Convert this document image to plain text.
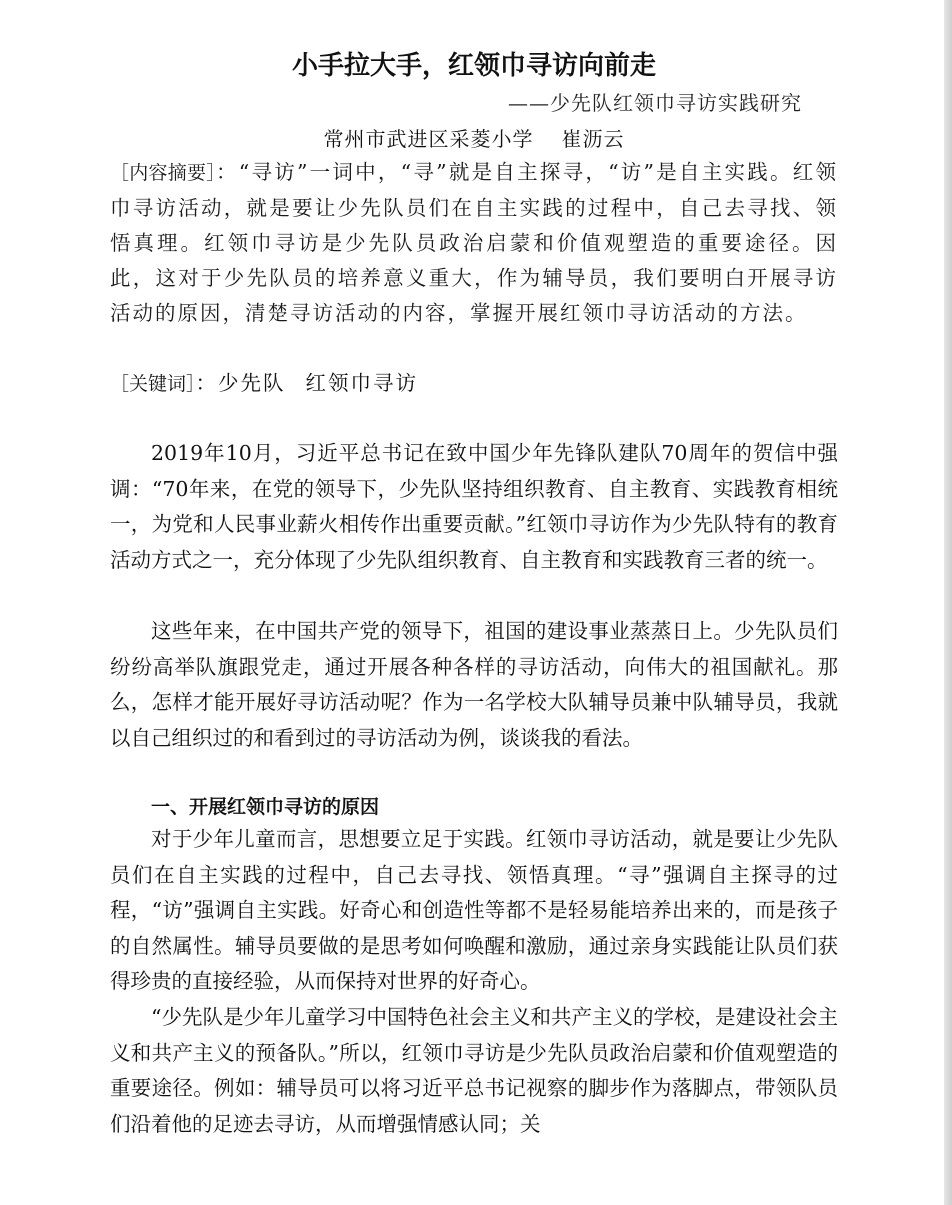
小手拉大手，红领巾寻访向前走
——少先队红领巾寻访实践研究
常州市武进区采菱小学 崔沥云

［内容摘要］：“寻访”一词中，“寻”就是自主探寻，“访”是自主实践。红领巾寻访活动，就是要让少先队员们在自主实践的过程中，自己去寻找、领悟真理。红领巾寻访是少先队员政治启蒙和价值观塑造的重要途径。因此，这对于少先队员的培养意义重大，作为辅导员，我们要明白开展寻访活动的原因，清楚寻访活动的内容，掌握开展红领巾寻访活动的方法。

［关键词］：少先队 红领巾寻访

2019年10月，习近平总书记在致中国少年先锋队建队70周年的贺信中强调：“70年来，在党的领导下，少先队坚持组织教育、自主教育、实践教育相统一，为党和人民事业薪火相传作出重要贡献。”红领巾寻访作为少先队特有的教育活动方式之一，充分体现了少先队组织教育、自主教育和实践教育三者的统一。

这些年来，在中国共产党的领导下，祖国的建设事业蒸蒸日上。少先队员们纷纷高举队旗跟党走，通过开展各种各样的寻访活动，向伟大的祖国献礼。那么，怎样才能开展好寻访活动呢？作为一名学校大队辅导员兼中队辅导员，我就以自己组织过的和看到过的寻访活动为例，谈谈我的看法。

一、开展红领巾寻访的原因

对于少年儿童而言，思想要立足于实践。红领巾寻访活动，就是要让少先队员们在自主实践的过程中，自己去寻找、领悟真理。“寻”强调自主探寻的过程，“访”强调自主实践。好奇心和创造性等都不是轻易能培养出来的，而是孩子的自然属性。辅导员要做的是思考如何唤醒和激励，通过亲身实践能让队员们获得珍贵的直接经验，从而保持对世界的好奇心。

“少先队是少年儿童学习中国特色社会主义和共产主义的学校，是建设社会主义和共产主义的预备队。”所以，红领巾寻访是少先队员政治启蒙和价值观塑造的重要途径。例如：辅导员可以将习近平总书记视察的脚步作为落脚点，带领队员们沿着他的足迹去寻访，从而增强情感认同；关
